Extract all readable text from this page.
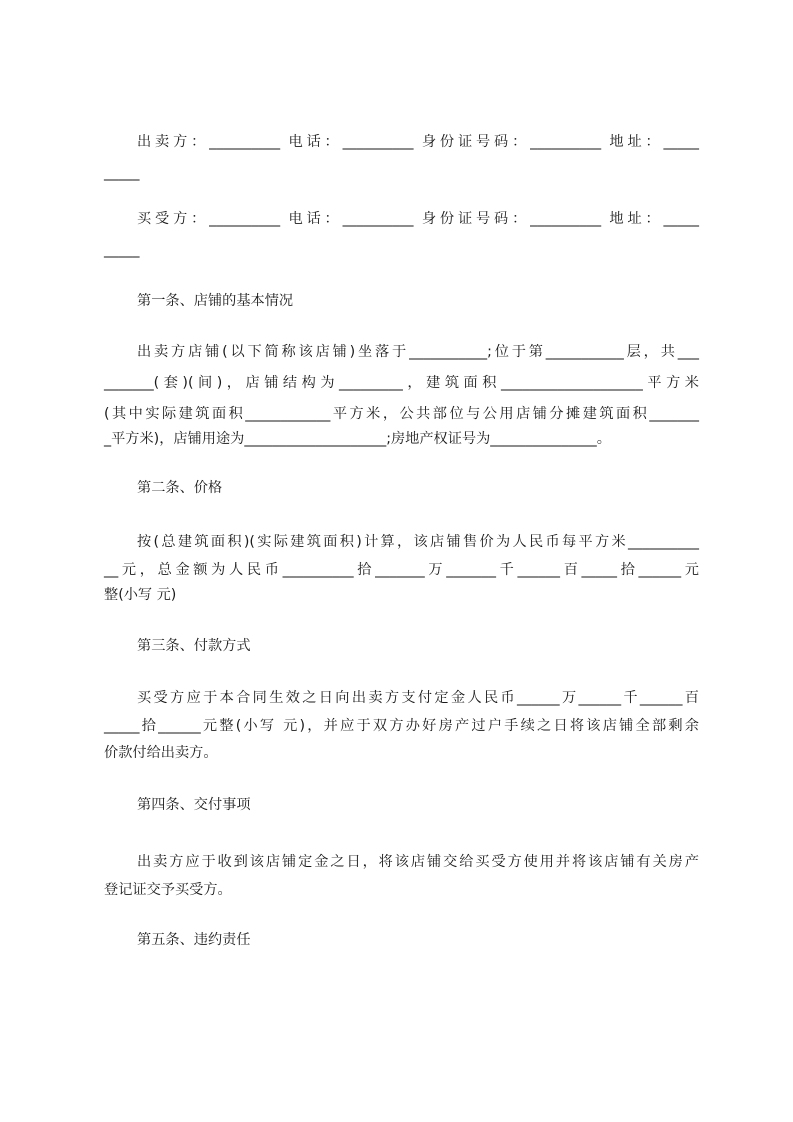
出卖方：__________ 电话：__________ 身份证号码：__________ 地址：_____

_____

买受方：__________ 电话：__________ 身份证号码：__________ 地址：_____

_____

第一条、店铺的基本情况

出卖方店铺(以下简称该店铺)坐落于___________;位于第___________层，共___

_______(套)(间)，店铺结构为_________，建筑面积____________________平方米

(其中实际建筑面积____________平方米，公共部位与公用店铺分摊建筑面积_______

_平方米)，店铺用途为____________________;房地产权证号为_______________。

第二条、价格

按(总建筑面积)(实际建筑面积)计算，该店铺售价为人民币每平方米__________

__元，总金额为人民币__________拾_______万_______千______百_____拾______元

整(小写 元)

第三条、付款方式

买受方应于本合同生效之日向出卖方支付定金人民币______万______千______百

_____拾______元整(小写 元)，并应于双方办好房产过户手续之日将该店铺全部剩余

价款付给出卖方。

第四条、交付事项

出卖方应于收到该店铺定金之日，将该店铺交给买受方使用并将该店铺有关房产

登记证交予买受方。

第五条、违约责任
